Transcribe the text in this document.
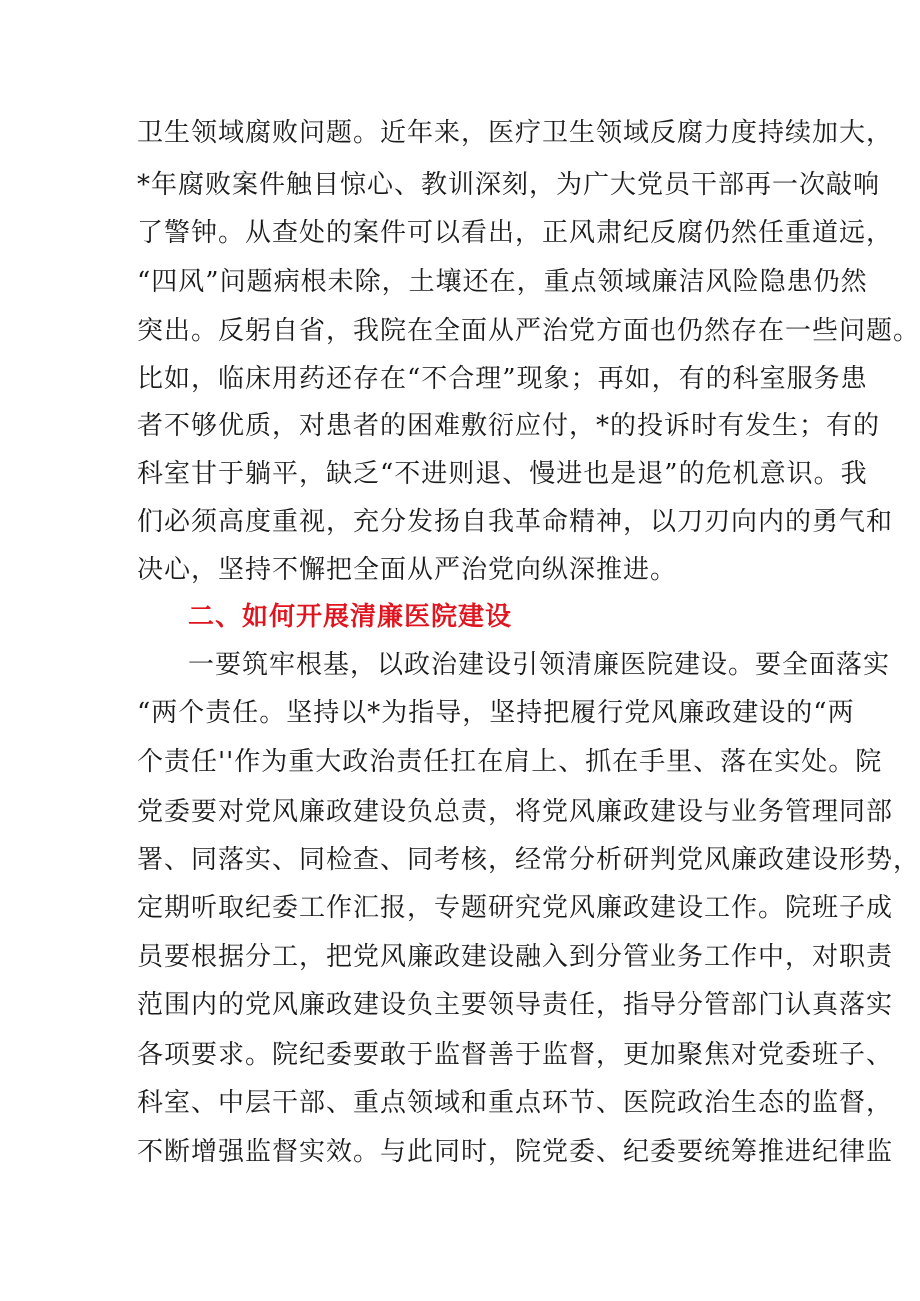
卫生领域腐败问题。近年来，医疗卫生领域反腐力度持续加大，
*年腐败案件触目惊心、教训深刻，为广大党员干部再一次敲响
了警钟。从查处的案件可以看出，正风肃纪反腐仍然任重道远，
“四风”问题病根未除，土壤还在，重点领域廉洁风险隐患仍然
突出。反躬自省，我院在全面从严治党方面也仍然存在一些问题。
比如，临床用药还存在“不合理”现象；再如，有的科室服务患
者不够优质，对患者的困难敷衍应付，*的投诉时有发生；有的
科室甘于躺平，缺乏“不进则退、慢进也是退”的危机意识。我
们必须高度重视，充分发扬自我革命精神，以刀刃向内的勇气和
决心，坚持不懈把全面从严治党向纵深推进。
二、如何开展清廉医院建设
一要筑牢根基，以政治建设引领清廉医院建设。要全面落实
“两个责任。坚持以*为指导，坚持把履行党风廉政建设的“两
个责任''作为重大政治责任扛在肩上、抓在手里、落在实处。院
党委要对党风廉政建设负总责，将党风廉政建设与业务管理同部
署、同落实、同检查、同考核，经常分析研判党风廉政建设形势，
定期听取纪委工作汇报，专题研究党风廉政建设工作。院班子成
员要根据分工，把党风廉政建设融入到分管业务工作中，对职责
范围内的党风廉政建设负主要领导责任，指导分管部门认真落实
各项要求。院纪委要敢于监督善于监督，更加聚焦对党委班子、
科室、中层干部、重点领域和重点环节、医院政治生态的监督，
不断增强监督实效。与此同时，院党委、纪委要统筹推进纪律监
